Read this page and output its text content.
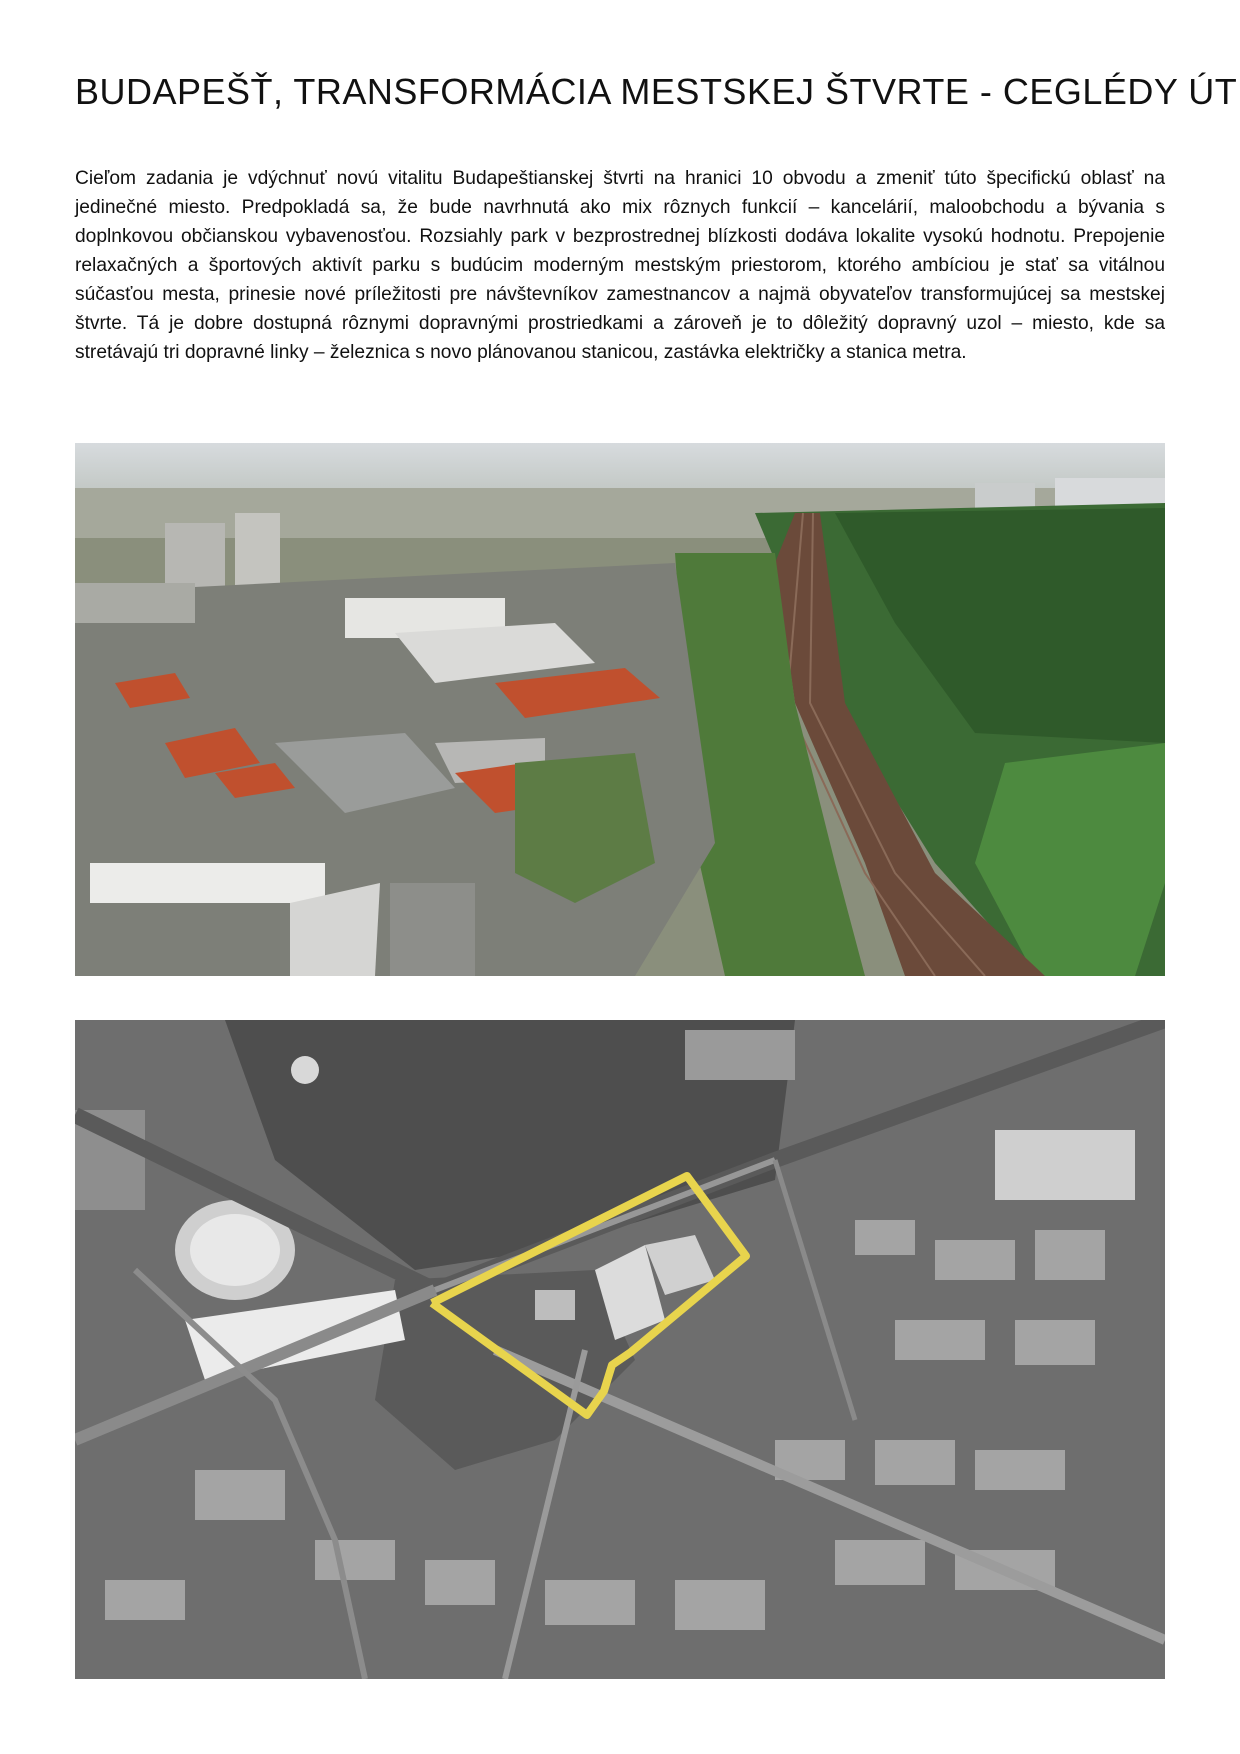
BUDAPEŠŤ, TRANSFORMÁCIA MESTSKEJ ŠTVRTE - CEGLÉDY ÚT

Cieľom zadania je vdýchnuť novú vitalitu Budapeštianskej štvrti na hranici 10 obvodu a zmeniť túto špecifickú oblasť na jedinečné miesto. Predpokladá sa, že bude navrhnutá ako mix rôznych funkcií – kancelárií, maloobchodu a bývania s doplnkovou občianskou vybavenosťou. Rozsiahly park v bezprostrednej blízkosti dodáva lokalite vysokú hodnotu. Prepojenie relaxačných a športových aktivít parku s budúcim moderným mestským priestorom, ktorého ambíciou je stať sa vitálnou súčasťou mesta, prinesie nové príležitosti pre návštevníkov zamestnancov a najmä obyvateľov transformujúcej sa mestskej štvrte. Tá je dobre dostupná rôznymi dopravnými prostriedkami a zároveň je to dôležitý dopravný uzol – miesto, kde sa stretávajú tri dopravné linky – železnica s novo plánovanou stanicou, zastávka električky a stanica metra.
